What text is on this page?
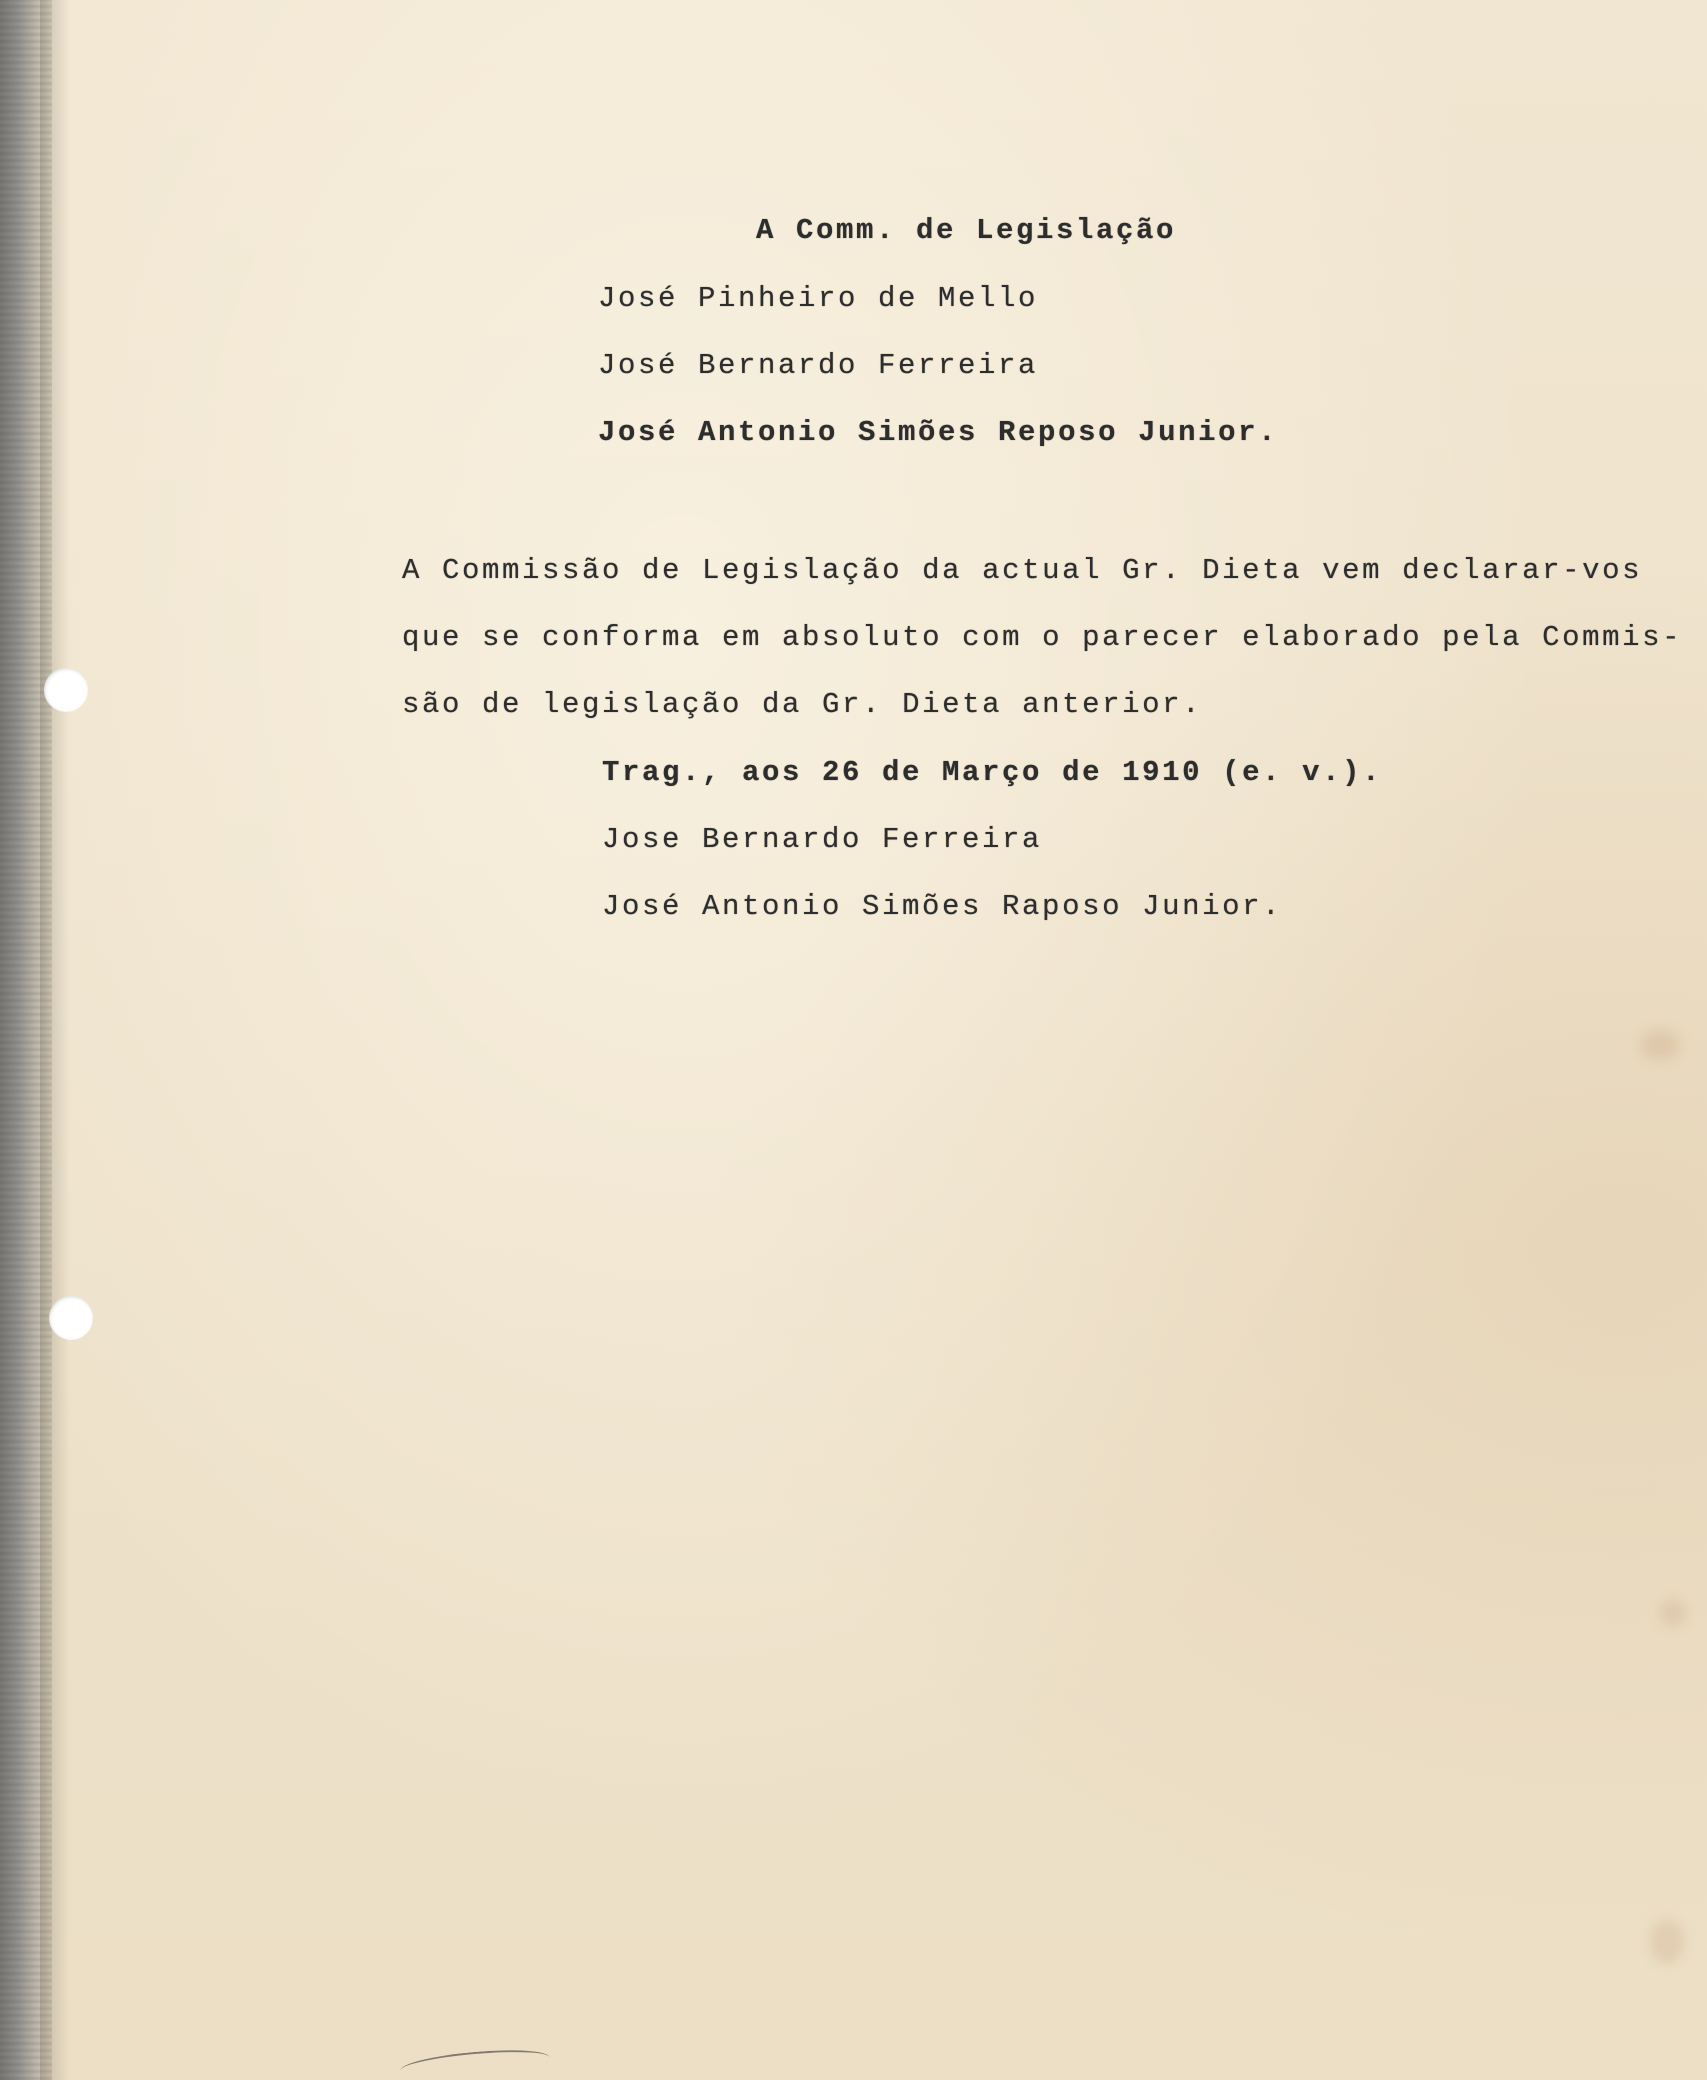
A Comm. de Legislação

José Pinheiro de Mello

José Bernardo Ferreira

José Antonio Simões Reposo Junior.

A Commissão de Legislação da actual Gr. Dieta vem declarar-vos

que se conforma em absoluto com o parecer elaborado pela Commis-

são de legislação da Gr. Dieta anterior.

Trag., aos 26 de Março de 1910 (e. v.).

Jose Bernardo Ferreira

José Antonio Simões Raposo Junior.
